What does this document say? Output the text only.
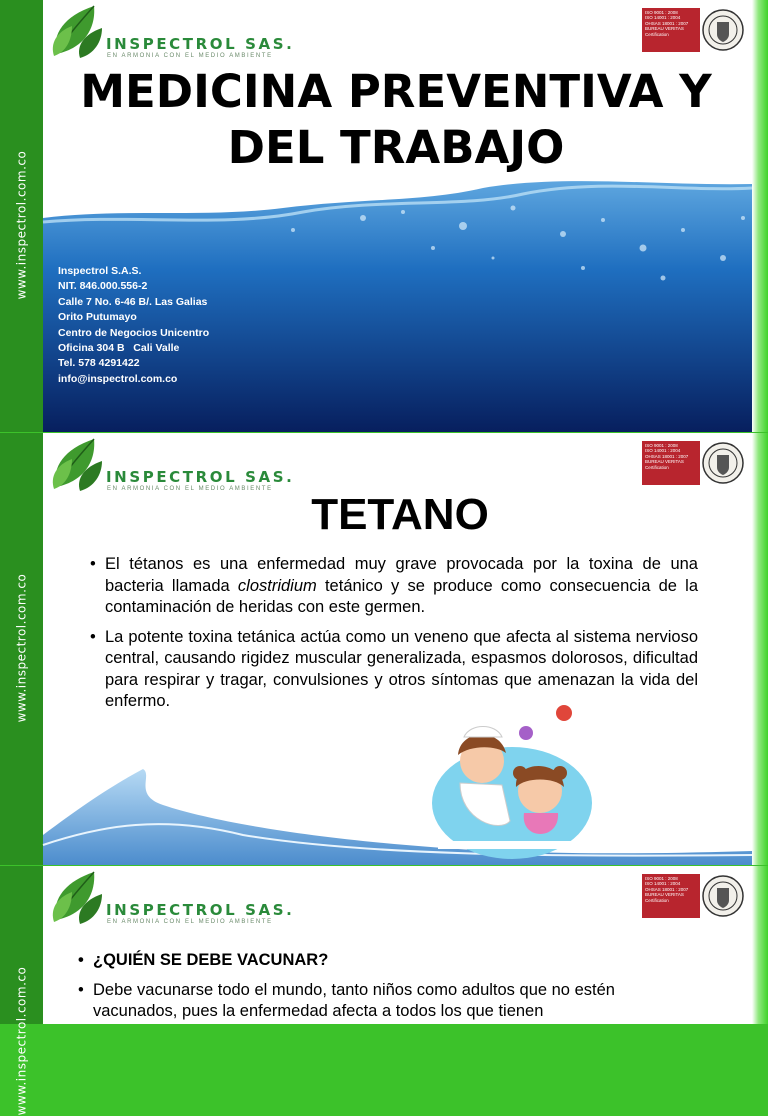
www.inspectrol.com.co
INSPECTROL SAS.
EN ARMONIA CON EL MEDIO AMBIENTE
ISO 9001 : 2008
ISO 14001 : 2004
OHSAS 18001 : 2007
BUREAU VERITAS
Certification
MEDICINA PREVENTIVA Y
DEL TRABAJO
Inspectrol S.A.S.
NIT. 846.000.556-2
Calle 7 No. 6-46 B/. Las Galias
Orito Putumayo
Centro de Negocios Unicentro
Oficina 304 B   Cali Valle
Tel. 578 4291422
info@inspectrol.com.co
www.inspectrol.com.co
INSPECTROL SAS.
EN ARMONIA CON EL MEDIO AMBIENTE
ISO 9001 : 2008
ISO 14001 : 2004
OHSAS 18001 : 2007
BUREAU VERITAS
Certification
TETANO

• El tétanos es una enfermedad muy grave provocada por la toxina de una bacteria llamada clostridium tetánico y se produce como consecuencia de la contaminación de heridas con este germen.

• La potente toxina tetánica actúa como un veneno que afecta al sistema nervioso central, causando rigidez muscular generalizada, espasmos dolorosos, dificultad para respirar y tragar, convulsiones y otros síntomas que amenazan la vida del enfermo.

www.inspectrol.com.co
INSPECTROL SAS.
EN ARMONIA CON EL MEDIO AMBIENTE
ISO 9001 : 2008
ISO 14001 : 2004
OHSAS 18001 : 2007
BUREAU VERITAS
Certification

• ¿QUIÉN SE DEBE VACUNAR?

• Debe vacunarse todo el mundo, tanto niños como adultos que no estén vacunados, pues la enfermedad afecta a todos los que tienen
